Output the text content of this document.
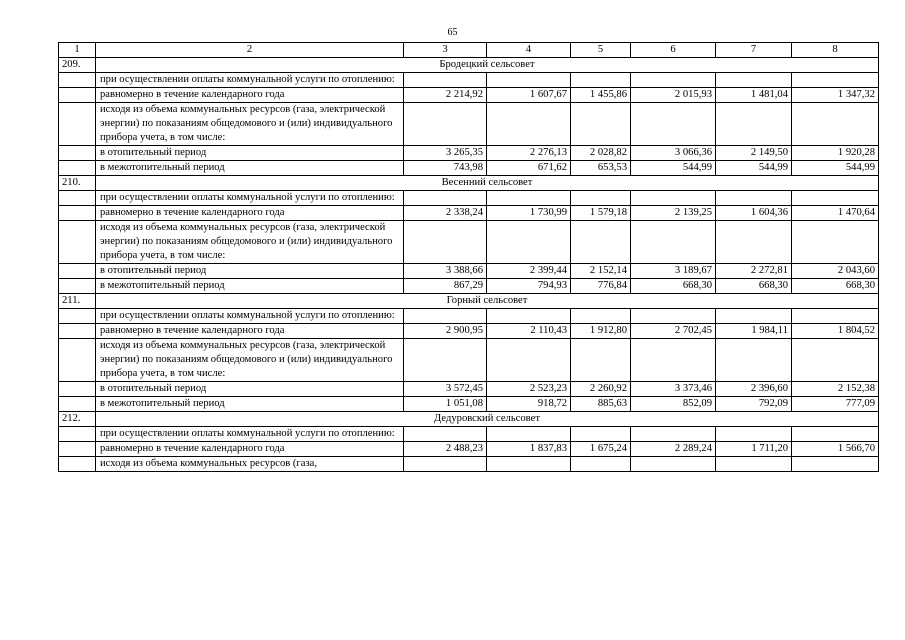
65
1	2	3	4	5	6	7	8
209.	Бродецкий сельсовет						
	при осуществлении оплаты коммунальной услуги по отоплению:						
	равномерно в течение календарного года	2 214,92	1 607,67	1 455,86	2 015,93	1 481,04	1 347,32
	исходя из объема коммунальных ресурсов (газа, электрической энергии) по показаниям общедомового и (или) индивидуального прибора учета, в том числе:						
	в отопительный период	3 265,35	2 276,13	2 028,82	3 066,36	2 149,50	1 920,28
	в межотопительный период	743,98	671,62	653,53	544,99	544,99	544,99
210.	Весенний сельсовет						
	при осуществлении оплаты коммунальной услуги по отоплению:						
	равномерно в течение календарного года	2 338,24	1 730,99	1 579,18	2 139,25	1 604,36	1 470,64
	исходя из объема коммунальных ресурсов (газа, электрической энергии) по показаниям общедомового и (или) индивидуального прибора учета, в том числе:						
	в отопительный период	3 388,66	2 399,44	2 152,14	3 189,67	2 272,81	2 043,60
	в межотопительный период	867,29	794,93	776,84	668,30	668,30	668,30
211.	Горный сельсовет						
	при осуществлении оплаты коммунальной услуги по отоплению:						
	равномерно в течение календарного года	2 900,95	2 110,43	1 912,80	2 702,45	1 984,11	1 804,52
	исходя из объема коммунальных ресурсов (газа, электрической энергии) по показаниям общедомового и (или) индивидуального прибора учета, в том числе:						
	в отопительный период	3 572,45	2 523,23	2 260,92	3 373,46	2 396,60	2 152,38
	в межотопительный период	1 051,08	918,72	885,63	852,09	792,09	777,09
212.	Дедуровский сельсовет						
	при осуществлении оплаты коммунальной услуги по отоплению:						
	равномерно в течение календарного года	2 488,23	1 837,83	1 675,24	2 289,24	1 711,20	1 566,70
	исходя из объема коммунальных ресурсов (газа,						
